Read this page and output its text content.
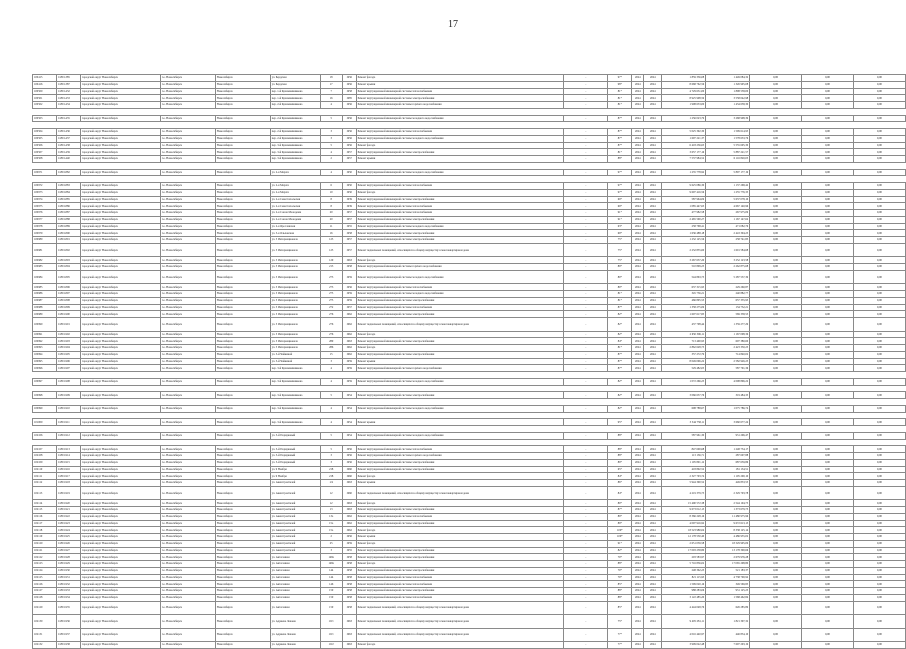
17
100415	11891.385	городской округ Новосибирск	г.о. Новосибирск	Новосибирск	ул. Бердская	18	1956	Ремонт фасада	-	97*	2024	2024	1 859 336,08	1 449 084,32	0,00	0,00	0,00
100416	11891.387	городской округ Новосибирск	г.о. Новосибирск	Новосибирск	ул. Бердская	17	1956	Ремонт крыши	-	98*	2024	2024	8 668 762,56	1 326 995,08	0,00	0,00	0,00
100500	11891.432	городской округ Новосибирск	г.о. Новосибирск	Новосибирск	пер. 1-й Крашенинникова	7	1958	Ремонт внутридомовой инженерной системы теплоснабжения	-	81*	2024	2024	4 729 631,00	1 898 558,00	0,00	0,00	0,00
100501	11891.433	городской округ Новосибирск	г.о. Новосибирск	Новосибирск	пер. 1-й Крашенинникова	16	1985	Ремонт внутридомовой инженерной системы электроснабжения	-	81*	2024	2024	8 925 908,59	3 558 042,98	0,00	0,00	0,00
100502	11891.434	городской округ Новосибирск	г.о. Новосибирск	Новосибирск	пер. 2-й Крашенинникова	4	1956	Ремонт внутридомовой инженерной системы горячего водоснабжения	-	81*	2024	2024	1 998 633,00	1 434 658,30	0,00	0,00	0,00

100503	11891.435	городской округ Новосибирск	г.о. Новосибирск	Новосибирск	пер. 2-й Крашенинникова	5	1956	Ремонт внутридомовой инженерной системы холодного водоснабжения	-	87*	2024	2024	1 256 023,79	3 268 908,39	0,00	0,00	0,00

100504	11891.436	городской округ Новосибирск	г.о. Новосибирск	Новосибирск	пер. 2-й Крашенинникова	3	1956	Ремонт внутридомовой инженерной системы теплоснабжения	-	87*	2024	2024	5 025 392,30	1 599 614,95	0,00	0,00	0,00
100505	11891.437	городской округ Новосибирск	г.о. Новосибирск	Новосибирск	пер. 2-й Крашенинникова	3	1956	Ремонт внутридомовой инженерной системы холодного водоснабжения	-	87*	2024	2024	1 697 221,37	1 578 633,76	0,00	0,00	0,00
100506	11891.438	городской округ Новосибирск	г.о. Новосибирск	Новосибирск	пер. 3-й Крашенинникова	5	1956	Ремонт фасада	-	87*	2024	2024	6 418 236,65	5 555 605,30	0,00	0,00	0,00
100507	11891.439	городской округ Новосибирск	г.о. Новосибирск	Новосибирск	пер. 3-й Крашенинникова	4	1957	Ремонт внутридомовой инженерной системы электроснабжения	-	81*	2024	2024	3 657 177,16	5 887 221,57	0,00	0,00	0,00
100508	11891.440	городской округ Новосибирск	г.о. Новосибирск	Новосибирск	пер. 3-й Крашенинникова	2	1957	Ремонт крыши	-	88*	2024	2024	7 537 984,52	6 116 820,05	0,00	0,00	0,00

100971	11891.882	городской округ Новосибирск	г.о. Новосибирск	Новосибирск	ул. 2-я Марата	4	1950	Ремонт внутридомовой инженерной системы холодного водоснабжения	-	97*	2024	2024	1 235 778,92	5 897 177,19	0,00	0,00	0,00

100972	11891.883	городской округ Новосибирск	г.о. Новосибирск	Новосибирск	ул. 2-я Марата	6	1950	Ремонт внутридомовой инженерной системы теплоснабжения	-	97*	2024	2024	9 625 086,30	1 137 268,42	0,00	0,00	0,00
100973	11891.884	городской округ Новосибирск	г.о. Новосибирск	Новосибирск	ул. 2-я Марата	10	1950	Ремонт фасада	-	97*	2024	2024	9 697 416,56	1 255 776,35	0,00	0,00	0,00
100974	11891.885	городской округ Новосибирск	г.о. Новосибирск	Новосибирск	ул. 2-я Севастопольская	8	1939	Ремонт внутридомовой инженерной системы электроснабжения	-	69*	2024	2024	587 964,09	5 637 078,10	0,00	0,00	0,00
100975	11891.886	городской округ Новосибирск	г.о. Новосибирск	Новосибирск	ул. 2-я Севастопольская	8	1939	Ремонт внутридомовой инженерной системы теплоснабжения	-	69*	2024	2024	1 085 447,63	4 667 140,96	0,00	0,00	0,00
100976	11891.887	городской округ Новосибирск	г.о. Новосибирск	Новосибирск	ул. 2-я Союза Молодежи	20	1957	Ремонт внутридомовой инженерной системы теплоснабжения	-	91*	2024	2024	477 982,58	267 975,09	0,00	0,00	0,00
100977	11891.888	городской округ Новосибирск	г.о. Новосибирск	Новосибирск	ул. 2-я Союза Молодежи	20	1957	Ремонт внутридомовой инженерной системы электроснабжения	-	91*	2024	2024	2 465 590,27	1 167 147,62	0,00	0,00	0,00
100978	11891.889	городской округ Новосибирск	г.о. Новосибирск	Новосибирск	ул. 2-я Ярославская	11	1955	Ремонт внутридомовой инженерной системы холодного водоснабжения	-	63*	2024	2024	258 768,41	471 082,76	0,00	0,00	0,00
100979	11891.890	городской округ Новосибирск	г.о. Новосибирск	Новосибирск	ул. 3-я Ольховская	16	1958	Ремонт внутридомовой инженерной системы электроснабжения	-	69*	2024	2024	1 636 488,18	2 443 304,25	0,00	0,00	0,00
100980	11891.891	городской округ Новосибирск	г.о. Новосибирск	Новосибирск	ул. 3 Интернационала	125	1957	Ремонт внутридомовой инженерной системы электроснабжения	-	75*	2024	2024	1 232 125,56	258 741,85	0,00	0,00	0,00
100981	11891.892	городской округ Новосибирск	г.о. Новосибирск	Новосибирск	ул. 3 Интернационала	125	1957	Ремонт подвальных помещений, относящихся к общему имуществу в многоквартирном доме	-	75*	2024	2024	2 232 855,60	1 601 584,68	0,00	0,00	0,00
100982	11891.893	городской округ Новосибирск	г.о. Новосибирск	Новосибирск	ул. 3 Интернационала	129	1963	Ремонт фасада	-	75*	2024	2024	3 267 637,20	3 252 123,58	0,00	0,00	0,00
100983	11891.894	городской округ Новосибирск	г.о. Новосибирск	Новосибирск	ул. 3 Интернационала	213	1958	Ремонт внутридомовой инженерной системы горячего водоснабжения	-	89*	2024	2024	510 809,25	2 262 875,68	0,00	0,00	0,00
100984	11891.895	городской округ Новосибирск	г.о. Новосибирск	Новосибирск	ул. 3 Интернационала	273	1959	Ремонт внутридомовой инженерной системы холодного водоснабжения	-	80*	2024	2024	544 863,75	5 287 537,39	0,00	0,00	0,00
100985	11891.896	городской округ Новосибирск	г.о. Новосибирск	Новосибирск	ул. 3 Интернационала	273	1956	Ремонт внутридомовой инженерной системы теплоснабжения	-	80*	2024	2024	637 315,95	229 260,87	0,00	0,00	0,00
100986	11891.897	городской округ Новосибирск	г.о. Новосибирск	Новосибирск	ул. 3 Интернационала	275	1959	Ремонт внутридомовой инженерной системы холодного водоснабжения	-	81*	2024	2024	345 736,21	240 882,77	0,00	0,00	0,00
100987	11891.898	городской округ Новосибирск	г.о. Новосибирск	Новосибирск	ул. 3 Интернационала	275	1959	Ремонт внутридомовой инженерной системы электроснабжения	-	81*	2024	2024	466 895,53	657 335,93	0,00	0,00	0,00
100988	11891.899	городской округ Новосибирск	г.о. Новосибирск	Новосибирск	ул. 3 Интернационала	272	1957	Ремонт внутридомовой инженерной системы теплоснабжения	-	87*	2024	2024	1 358 275,09	134 732,21	0,00	0,00	0,00
100989	11891.900	городской округ Новосибирск	г.о. Новосибирск	Новосибирск	ул. 3 Интернационала	276	1962	Ремонт внутридомовой инженерной системы электроснабжения	-	82*	2024	2024	1 607 617,83	569 338,53	0,00	0,00	0,00
100990	11891.901	городской округ Новосибирск	г.о. Новосибирск	Новосибирск	ул. 3 Интернационала	276	1962	Ремонт подвальных помещений, относящихся к общему имуществу в многоквартирном доме	-	82*	2024	2024	437 708,44	1 359 277,29	0,00	0,00	0,00
100991	11891.902	городской округ Новосибирск	г.о. Новосибирск	Новосибирск	ул. 3 Интернационала	276	1962	Ремонт фасада	-	82*	2024	2024	2 650 306,11	1 167 098,36	0,00	0,00	0,00
100992	11891.903	городской округ Новосибирск	г.о. Новосибирск	Новосибирск	ул. 3 Интернационала	280	1963	Ремонт внутридомовой инженерной системы электроснабжения	-	84*	2024	2024	713 400,95	607 380,60	0,00	0,00	0,00
100993	11891.904	городской округ Новосибирск	г.о. Новосибирск	Новосибирск	ул. 3 Интернационала	286	1962	Ремонт фасада	-	81*	2024	2024	2 862 628,75	2 423 350,25	0,00	0,00	0,00
100994	11891.905	городской округ Новосибирск	г.о. Новосибирск	Новосибирск	ул. 3-й Чайкиной	15	1962	Ремонт внутридомовой инженерной системы электроснабжения	-	87*	2024	2024	357 272,79	714 840,02	0,00	0,00	0,00
100995	11891.906	городской округ Новосибирск	г.о. Новосибирск	Новосибирск	ул. 3-й Чайкиной	3	1959	Ремонт крыши	-	87*	2024	2024	8 049 096,22	2 582 926,23	0,00	0,00	0,00
100996	11891.907	городской округ Новосибирск	г.о. Новосибирск	Новосибирск	пер. 3-й Крашенинникова	4	1959	Ремонт внутридомовой инженерной системы горячего водоснабжения	-	87*	2024	2024	529 482,05	587 791,36	0,00	0,00	0,00

100997	11891.908	городской округ Новосибирск	г.о. Новосибирск	Новосибирск	пер. 3-й Крашенинникова	4	1959	Ремонт внутридомовой инженерной системы холодного водоснабжения	-	82*	2024	2024	1 072 266,25	4 098 896,22	0,00	0,00	0,00

100998	11891.909	городской округ Новосибирск	г.о. Новосибирск	Новосибирск	пер. 3-й Крашенинникова	5	1954	Ремонт внутридомовой инженерной системы электроснабжения	-	82*	2024	2024	3 066 637,76	319 484,35	0,00	0,00	0,00

100999	11891.910	городской округ Новосибирск	г.о. Новосибирск	Новосибирск	пер. 3-й Крашенинникова	4	1954	Ремонт внутридомовой инженерной системы холодного водоснабжения	-	82*	2024	2024	698 788,67	1 075 786,74	0,00	0,00	0,00

101000	11891.911	городской округ Новосибирск	г.о. Новосибирск	Новосибирск	пер. 3-й Крашенинникова	4	1954	Ремонт крыши	-	95*	2024	2024	3 544 758,11	3 660 677,24	0,00	0,00	0,00

102106	11891.912	городской округ Новосибирск	г.о. Новосибирск	Новосибирск	ул. 3-й Порядковый	5	1954	Ремонт внутридомовой инженерной системы холодного водоснабжения	-	88*	2024	2024	587 961,30	931 206,47	0,00	0,00	0,00

102107	11891.913	городской округ Новосибирск	г.о. Новосибирск	Новосибирск	ул. 3-й Порядковый	5	1956	Ремонт внутридомовой инженерной системы теплоснабжения	-	88*	2024	2024	847 600,68	1 248 754,17	0,00	0,00	0,00
102108	11891.914	городской округ Новосибирск	г.о. Новосибирск	Новосибирск	ул. 3-й Порядковый	3	1956	Ремонт внутридомовой инженерной системы горячего водоснабжения	-	88*	2024	2024	113 136,71	287 607,88	0,00	0,00	0,00
102109	11891.915	городской округ Новосибирск	г.о. Новосибирск	Новосибирск	ул. 3-й Порядковый	3	1956	Ремонт внутридомовой инженерной системы электроснабжения	-	89*	2024	2024	1 105 801,12	687 659,86	0,00	0,00	0,00
102110	11891.916	городской округ Новосибирск	г.о. Новосибирск	Новосибирск	ул. 9 Ноября	218	1960	Ремонт внутридомовой инженерной системы электроснабжения	-	65*	2024	2024	418 802,52	181 134,51	0,00	0,00	0,00
102111	11891.917	городской округ Новосибирск	г.о. Новосибирск	Новосибирск	ул. 9 Ноября	218	1960	Ремонт фасада	-	84*	2024	2024	2 327 703,74	1 105 200,10	0,00	0,00	0,00
102112	11891.918	городской округ Новосибирск	г.о. Новосибирск	Новосибирск	ул. Авиастроителей	1/4	1963	Ремонт крыши	-	86*	2024	2024	5 944 390,52	449 833,55	0,00	0,00	0,00
102113	11891.919	городской округ Новосибирск	г.о. Новосибирск	Новосибирск	ул. Авиастроителей	12	1960	Ремонт подвальных помещений, относящихся к общему имуществу в многоквартирном доме	-	84*	2024	2024	4 219 379,73	2 329 703,78	0,00	0,00	0,00
102114	11891.920	городской округ Новосибирск	г.о. Новосибирск	Новосибирск	ул. Авиастроителей	12	1963	Ремонт фасада	-	80*	2024	2024	15 490 572,38	2 544 104,75	0,00	0,00	0,00
102115	11891.921	городской округ Новосибирск	г.о. Новосибирск	Новосибирск	ул. Авиастроителей	13	1963	Ремонт внутридомовой инженерной системы электроснабжения	-	87*	2024	2024	9 673 012,13	1 373 679,73	0,00	0,00	0,00
102116	11891.922	городской округ Новосибирск	г.о. Новосибирск	Новосибирск	ул. Авиастроителей	13а	1962	Ремонт внутридомовой инженерной системы теплоснабжения	-	89*	2024	2024	8 366 228,16	11 480 975,96	0,00	0,00	0,00
102117	11891.923	городской округ Новосибирск	г.о. Новосибирск	Новосибирск	ул. Авиастроителей	15а	1962	Ремонт внутридомовой инженерной системы электроснабжения	-	89*	2024	2024	4 097 916,92	9 672 613,13	0,00	0,00	0,00
102118	11891.924	городской округ Новосибирск	г.о. Новосибирск	Новосибирск	ул. Авиастроителей	15а	1962	Ремонт фасада	-	100*	2024	2024	18 523 980,04	8 338 125,14	0,00	0,00	0,00
102119	11891.925	городской округ Новосибирск	г.о. Новосибирск	Новосибирск	ул. Авиастроителей	2	1956	Ремонт крыши	-	100*	2024	2024	12 178 530,40	4 486 955,02	0,00	0,00	0,00
102120	11891.926	городской округ Новосибирск	г.о. Новосибирск	Новосибирск	ул. Авиастроителей	25	1959	Ремонт фасада	-	91*	2024	2024	2 651 039,58	18 329 905,09	0,00	0,00	0,00
102121	11891.927	городской округ Новосибирск	г.о. Новосибирск	Новосибирск	ул. Авиастроителей	3	1955	Ремонт внутридомовой инженерной системы электроснабжения	-	82*	2024	2024	17 093 258,80	13 178 300,66	0,00	0,00	0,00
102122	11891.928	городской округ Новосибирск	г.о. Новосибирск	Новосибирск	ул. Автогенная	148а	1958	Ремонт внутридомовой инженерной системы электроснабжения	-	70*	2024	2024	203 583,97	2 679 976,28	0,00	0,00	0,00
102123	11891.929	городской округ Новосибирск	г.о. Новосибирск	Новосибирск	ул. Автогенная	148а	1958	Ремонт фасада	-	88*	2024	2024	5 716 836,02	17 065 298,80	0,00	0,00	0,00
102124	11891.930	городской округ Новосибирск	г.о. Новосибирск	Новосибирск	ул. Автогенная	144	1958	Ремонт внутридомовой инженерной системы электроснабжения	-	70*	2024	2024	248 362,23	521 183,37	0,00	0,00	0,00
102125	11891.931	городской округ Новосибирск	г.о. Новосибирск	Новосибирск	ул. Автогенная	144	1958	Ремонт внутридомовой инженерной системы теплоснабжения	-	70*	2024	2024	821 115,93	4 738 700,92	0,00	0,00	0,00
102126	11891.932	городской округ Новосибирск	г.о. Новосибирск	Новосибирск	ул. Автогенная	146	1958	Ремонт внутридомовой инженерной системы теплоснабжения	-	85*	2024	2024	1 599 020,16	349 569,83	0,00	0,00	0,00
102127	11891.933	городской округ Новосибирск	г.о. Новосибирск	Новосибирск	ул. Автогенная	150	1958	Ремонт внутридомовой инженерной системы электроснабжения	-	88*	2024	2024	988 283,06	931 125,25	0,00	0,00	0,00
102128	11891.934	городской округ Новосибирск	г.о. Новосибирск	Новосибирск	ул. Автогенная	150	1958	Ремонт внутридомовой инженерной системы теплоснабжения	-	88*	2024	2024	3 122 485,20	1 568 462,84	0,00	0,00	0,00
102129	11891.935	городской округ Новосибирск	г.о. Новосибирск	Новосибирск	ул. Автогенная	150	1958	Ремонт подвальных помещений, относящихся к общему имуществу в многоквартирном доме	-	85*	2024	2024	4 444 048,76	626 285,89	0,00	0,00	0,00
102130	11891.936	городской округ Новосибирск	г.о. Новосибирск	Новосибирск	ул. Адриена Лежена	10/1	1963	Ремонт подвальных помещений, относящихся к общему имуществу в многоквартирном доме	-	75*	2024	2024	9 405 281,11	1 821 397,32	0,00	0,00	0,00
102131	11891.937	городской округ Новосибирск	г.о. Новосибирск	Новосибирск	ул. Адриена Лежена	10/1	1963	Ремонт подвальных помещений, относящихся к общему имуществу в многоквартирном доме	-	77*	2024	2024	4 016 440,97	446 834,10	0,00	0,00	0,00
102132	11891.938	городской округ Новосибирск	г.о. Новосибирск	Новосибирск	ул. Адриена Лежена	10/2	1963	Ремонт фасада	-	77*	2024	2024	3 909 022,48	7 697 293,19	0,00	0,00	0,00
